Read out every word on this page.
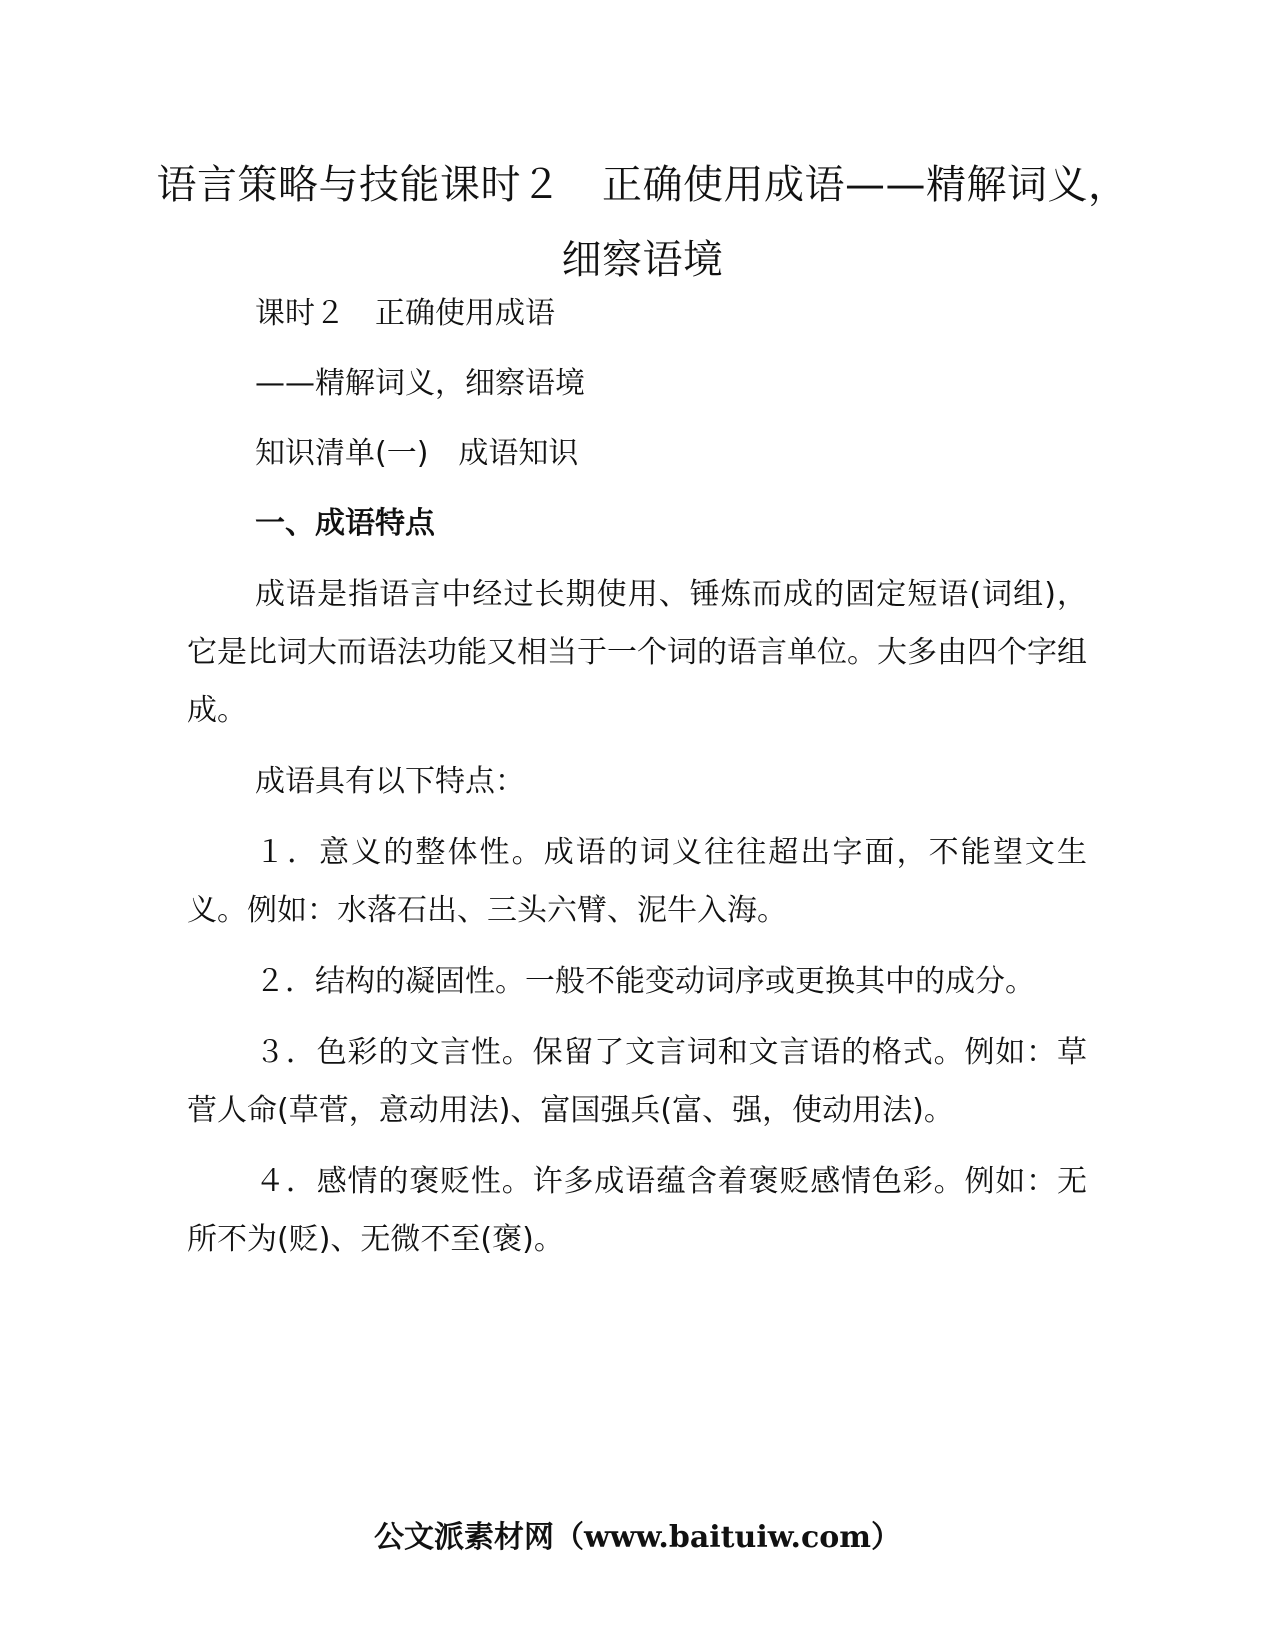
语言策略与技能课时２　正确使用成语——精解词义，细察语境

课时２　正确使用成语

——精解词义，细察语境

知识清单(一)　成语知识

一、成语特点

成语是指语言中经过长期使用、锤炼而成的固定短语(词组)，它是比词大而语法功能又相当于一个词的语言单位。大多由四个字组成。

成语具有以下特点：

１．意义的整体性。成语的词义往往超出字面，不能望文生义。例如：水落石出、三头六臂、泥牛入海。

２．结构的凝固性。一般不能变动词序或更换其中的成分。

３．色彩的文言性。保留了文言词和文言语的格式。例如：草菅人命(草菅，意动用法)、富国强兵(富、强，使动用法)。

４．感情的褒贬性。许多成语蕴含着褒贬感情色彩。例如：无所不为(贬)、无微不至(褒)。

公文派素材网（www.baituiw.com）
